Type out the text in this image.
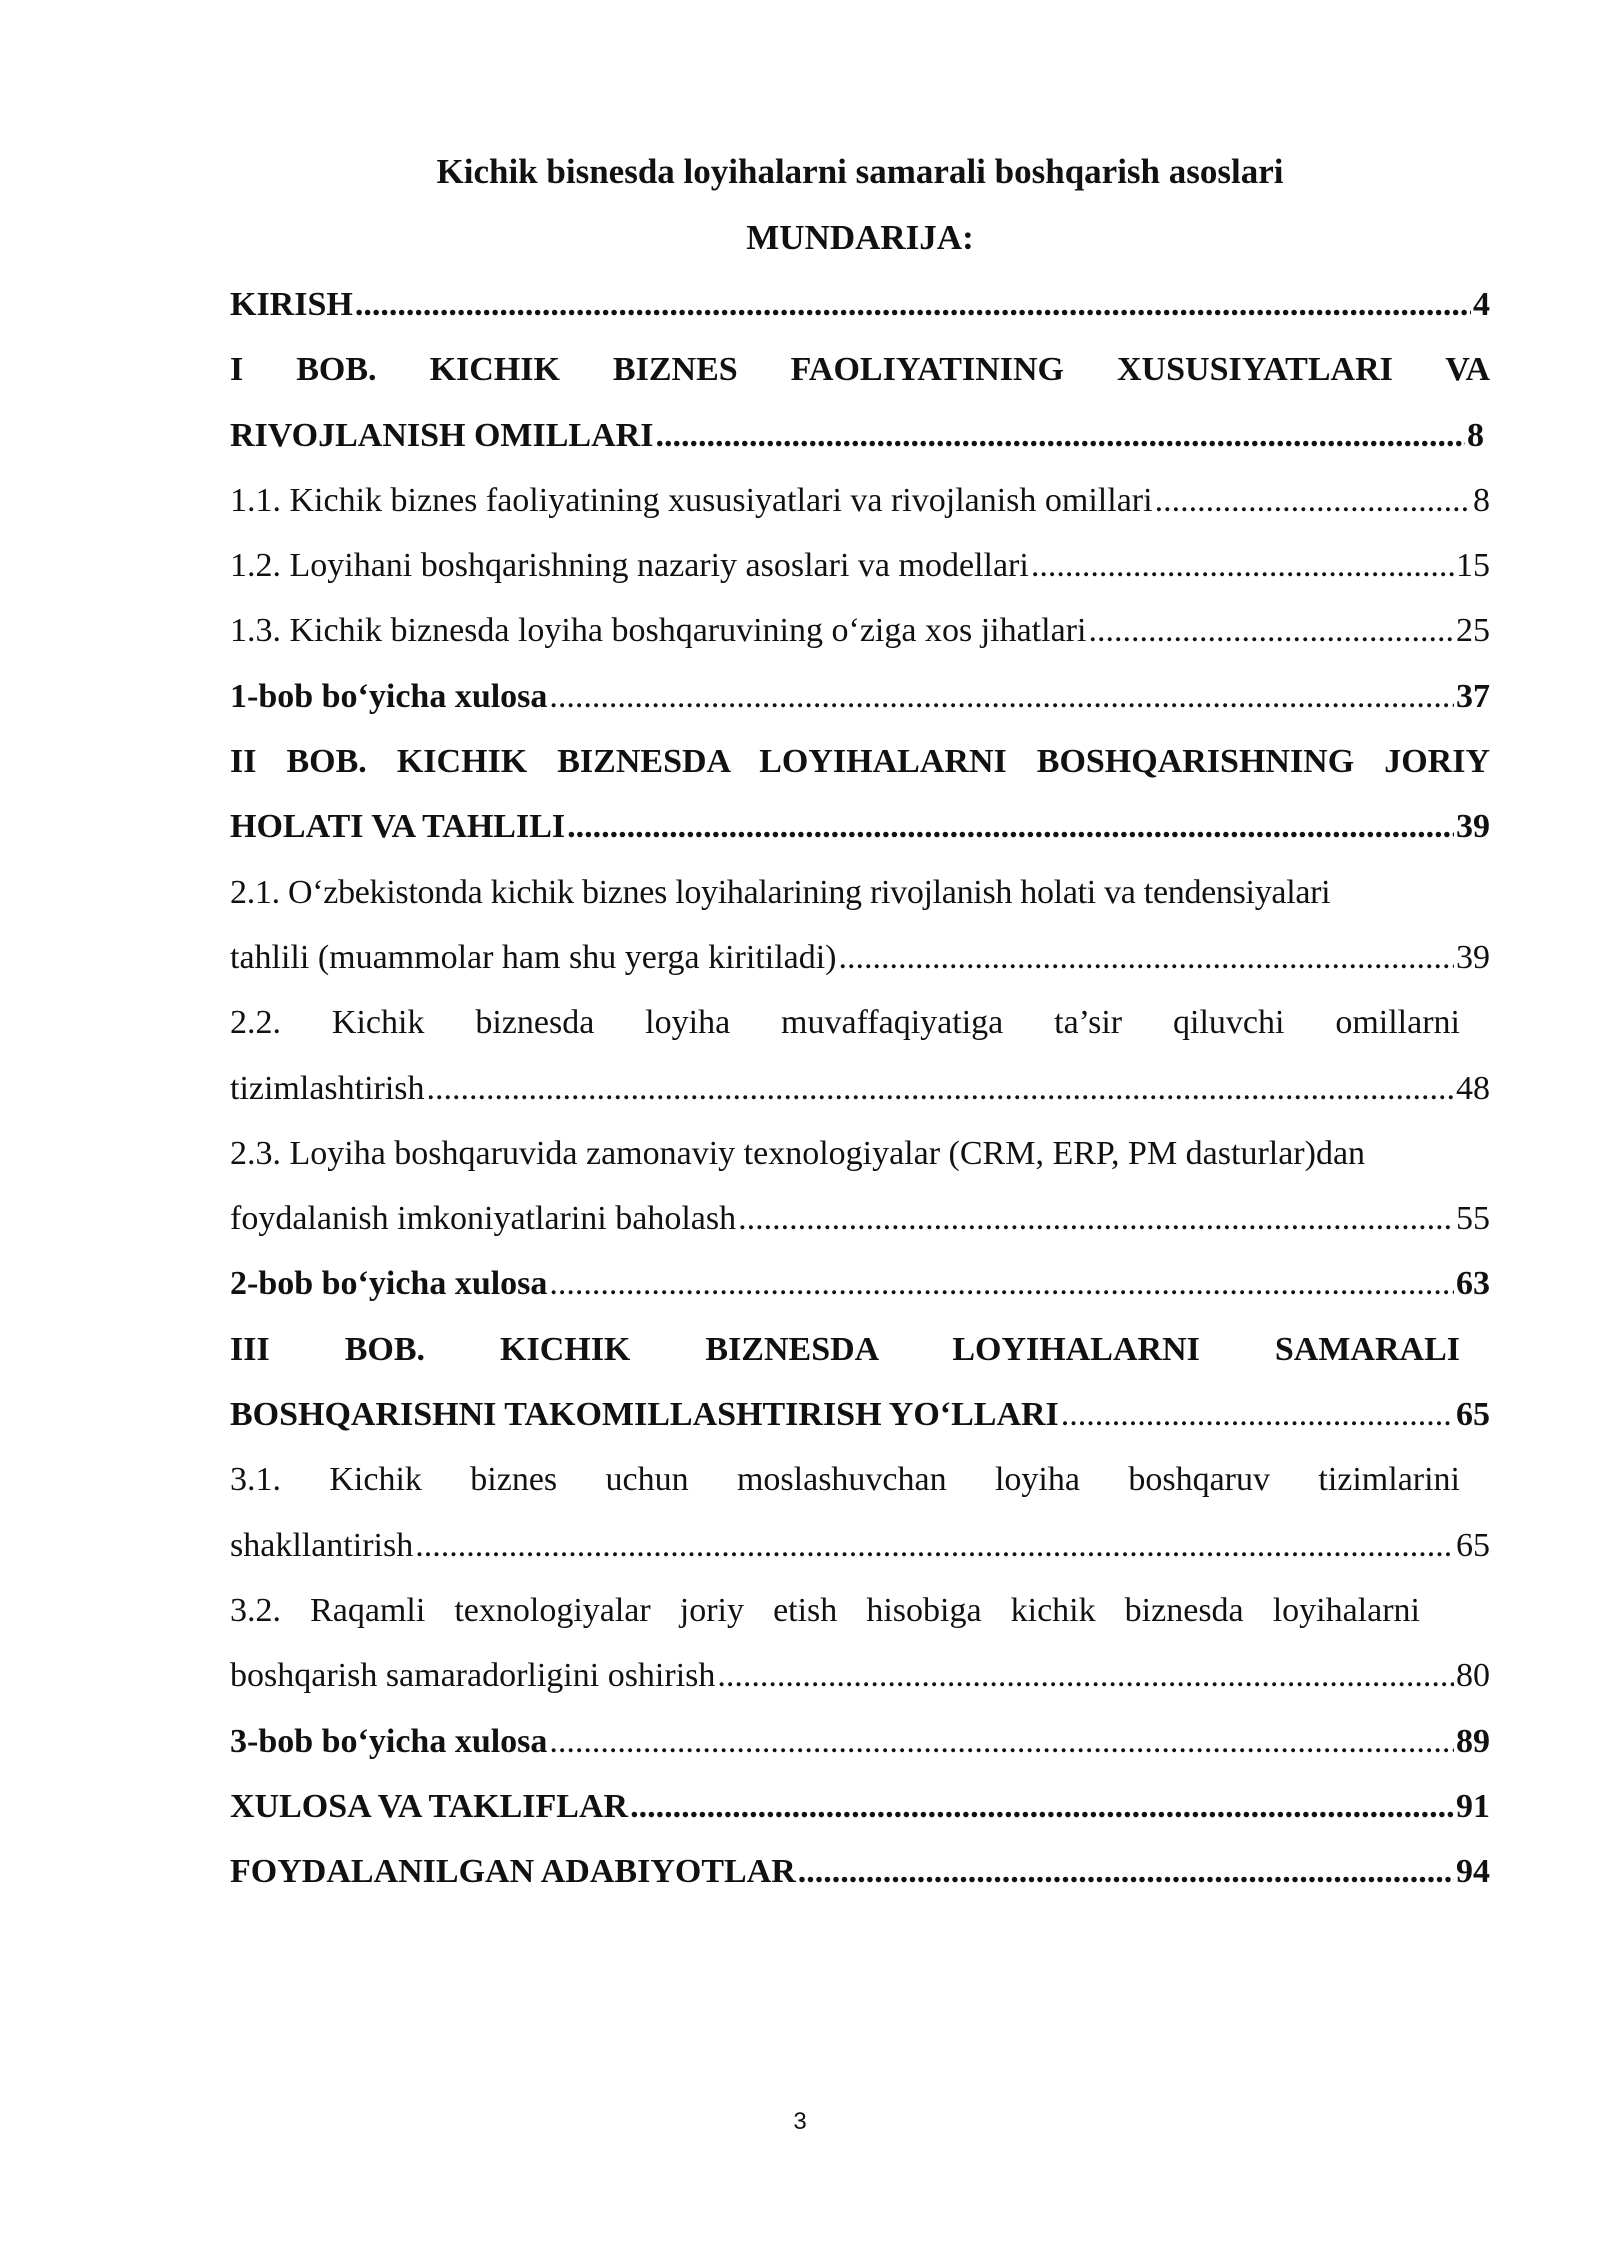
Kichik bisnesda loyihalarni samarali boshqarish asoslari
MUNDARIJA:
KIRISH .....	4
I BOB. KICHIK BIZNES FAOLIYATINING XUSUSIYATLARI VA
RIVOJLANISH OMILLARI .....	8
1.1. Kichik biznes faoliyatining xususiyatlari va rivojlanish omillari .....	8
1.2. Loyihani boshqarishning nazariy asoslari va modellari .....	15
1.3. Kichik biznesda loyiha boshqaruvining o‘ziga xos jihatlari .....	25
1-bob bo‘yicha xulosa .....	37
II BOB. KICHIK BIZNESDA LOYIHALARNI BOSHQARISHNING JORIY
HOLATI VA TAHLILI .....	39
2.1. O‘zbekistonda kichik biznes loyihalarining rivojlanish holati va tendensiyalari
tahlili (muammolar ham shu yerga kiritiladi) .....	39
2.2. Kichik biznesda loyiha muvaffaqiyatiga ta’sir qiluvchi omillarni
tizimlashtirish .....	48
2.3. Loyiha boshqaruvida zamonaviy texnologiyalar (CRM, ERP, PM dasturlar)dan
foydalanish imkoniyatlarini baholash .....	55
2-bob bo‘yicha xulosa .....	63
III BOB. KICHIK BIZNESDA LOYIHALARNI SAMARALI
BOSHQARISHNI TAKOMILLASHTIRISH YO‘LLARI .....	65
3.1. Kichik biznes uchun moslashuvchan loyiha boshqaruv tizimlarini
shakllantirish .....	65
3.2. Raqamli texnologiyalar joriy etish hisobiga kichik biznesda loyihalarni
boshqarish samaradorligini oshirish .....	80
3-bob bo‘yicha xulosa .....	89
XULOSA VA TAKLIFLAR .....	91
FOYDALANILGAN ADABIYOTLAR .....	94
3
